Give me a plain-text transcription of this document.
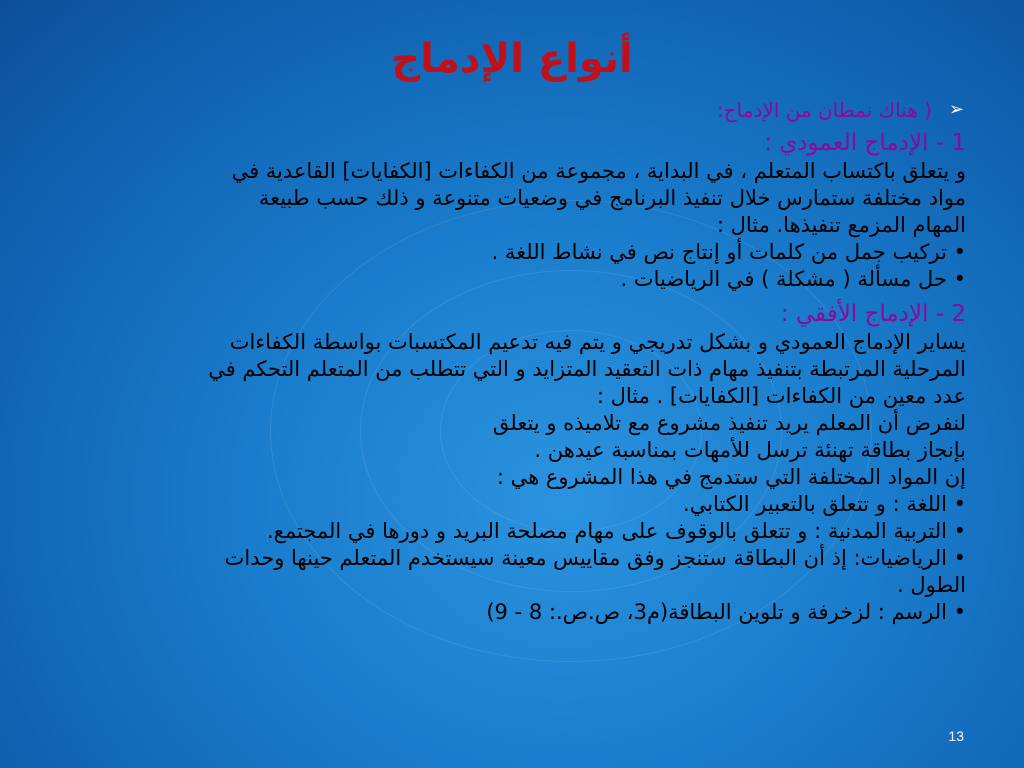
أنواع الإدماج
➢
( هناك نمطان من الإدماج:
1 - الإدماج العمودي :
و يتعلق باكتساب المتعلم ، في البداية ، مجموعة من الكفاءات [الكفايات] القاعدية في
مواد مختلفة ستمارس خلال تنفيذ البرنامج في وضعيات متنوعة و ذلك حسب طبيعة
المهام المزمع تنفيذها. مثال :
• تركيب جمل من كلمات أو إنتاج نص في نشاط اللغة .
• حل مسألة ( مشكلة ) في الرياضيات .
2 - الإدماج الأفقي :
يساير الإدماج العمودي و بشكل تدريجي و يتم فيه تدعيم المكتسبات بواسطة الكفاءات
المرحلية المرتبطة بتنفيذ مهام ذات التعقيد المتزايد و التي تتطلب من المتعلم التحكم في
عدد معين من الكفاءات [الكفايات] . مثال :
لنفرض أن المعلم يريد تنفيذ مشروع مع تلاميذه و يتعلق
بإنجاز بطاقة تهنئة ترسل للأمهات بمناسبة عيدهن .
إن المواد المختلفة التي ستدمج في هذا المشروع هي :
• اللغة : و تتعلق بالتعبير الكتابي.
• التربية المدنية : و تتعلق بالوقوف على مهام مصلحة البريد و دورها في المجتمع.
• الرياضيات: إذ أن البطاقة ستنجز وفق مقاييس معينة سيستخدم المتعلم حينها وحدات
الطول .
• الرسم : لزخرفة و تلوين البطاقة(م3، ص.ص.: 8 - 9)
13
